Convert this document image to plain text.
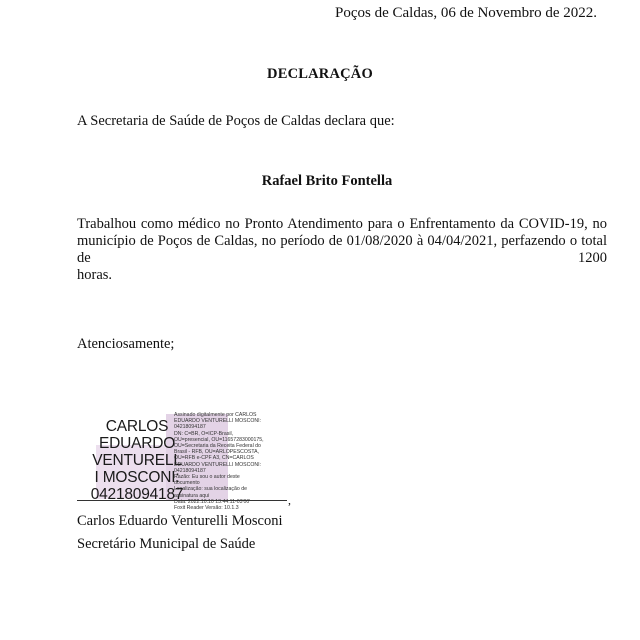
Poços de Caldas, 06 de Novembro de 2022.
DECLARAÇÃO
A Secretaria de Saúde de Poços de Caldas declara que:
Rafael Brito Fontella
Trabalhou como médico no Pronto Atendimento para o Enfrentamento da COVID-19, no
município de Poços de Caldas, no período de 01/08/2020 à 04/04/2021, perfazendo o total de 1200
horas.
Atenciosamente;
CARLOS
EDUARDO
VENTURELL
I MOSCONI:
04218094187
Assinado digitalmente por CARLOS
EDUARDO VENTURELLI MOSCONI:
04218094187
DN: C=BR, O=ICP-Brasil,
OU=presencial, OU=11657283000175,
OU=Secretaria da Receita Federal do
Brasil - RFB, OU=ARLOPESCOSTA,
OU=RFB e-CPF A3, CN=CARLOS
EDUARDO VENTURELLI MOSCONI:
04218094187
Razão: Eu sou o autor deste
documento
Localização: sua localização de
assinatura aqui
Data: 2022.10.10 13:44:11-03'00'
Foxit Reader Versão: 10.1.3
,
Carlos Eduardo Venturelli Mosconi
Secretário Municipal de Saúde
